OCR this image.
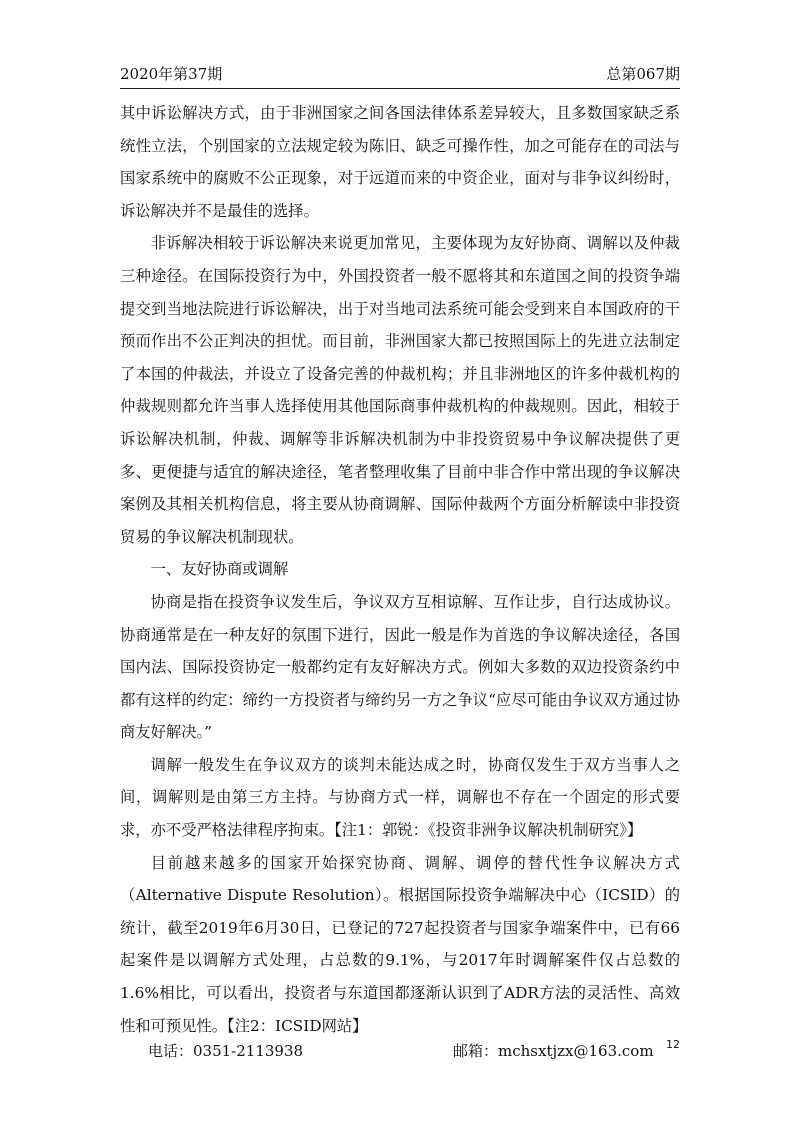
2020年第37期	总第067期

其中诉讼解决方式，由于非洲国家之间各国法律体系差异较大，且多数国家缺乏系统性立法，个别国家的立法规定较为陈旧、缺乏可操作性，加之可能存在的司法与国家系统中的腐败不公正现象，对于远道而来的中资企业，面对与非争议纠纷时，诉讼解决并不是最佳的选择。

非诉解决相较于诉讼解决来说更加常见，主要体现为友好协商、调解以及仲裁三种途径。在国际投资行为中，外国投资者一般不愿将其和东道国之间的投资争端提交到当地法院进行诉讼解决，出于对当地司法系统可能会受到来自本国政府的干预而作出不公正判决的担忧。而目前，非洲国家大都已按照国际上的先进立法制定了本国的仲裁法，并设立了设备完善的仲裁机构；并且非洲地区的许多仲裁机构的仲裁规则都允许当事人选择使用其他国际商事仲裁机构的仲裁规则。因此，相较于诉讼解决机制，仲裁、调解等非诉解决机制为中非投资贸易中争议解决提供了更多、更便捷与适宜的解决途径，笔者整理收集了目前中非合作中常出现的争议解决案例及其相关机构信息，将主要从协商调解、国际仲裁两个方面分析解读中非投资贸易的争议解决机制现状。

一、友好协商或调解

协商是指在投资争议发生后，争议双方互相谅解、互作让步，自行达成协议。协商通常是在一种友好的氛围下进行，因此一般是作为首选的争议解决途径，各国国内法、国际投资协定一般都约定有友好解决方式。例如大多数的双边投资条约中都有这样的约定：缔约一方投资者与缔约另一方之争议“应尽可能由争议双方通过协商友好解决。”

调解一般发生在争议双方的谈判未能达成之时，协商仅发生于双方当事人之间，调解则是由第三方主持。与协商方式一样，调解也不存在一个固定的形式要求，亦不受严格法律程序拘束。【注1：郭锐：《投资非洲争议解决机制研究》】

目前越来越多的国家开始探究协商、调解、调停的替代性争议解决方式（Alternative Dispute Resolution）。根据国际投资争端解决中心（ICSID）的统计，截至2019年6月30日，已登记的727起投资者与国家争端案件中，已有66起案件是以调解方式处理，占总数的9.1%，与2017年时调解案件仅占总数的1.6%相比，可以看出，投资者与东道国都逐渐认识到了ADR方法的灵活性、高效性和可预见性。【注2：ICSID网站】

电话：0351-2113938	邮箱：mchsxtjzx@163.com 12
